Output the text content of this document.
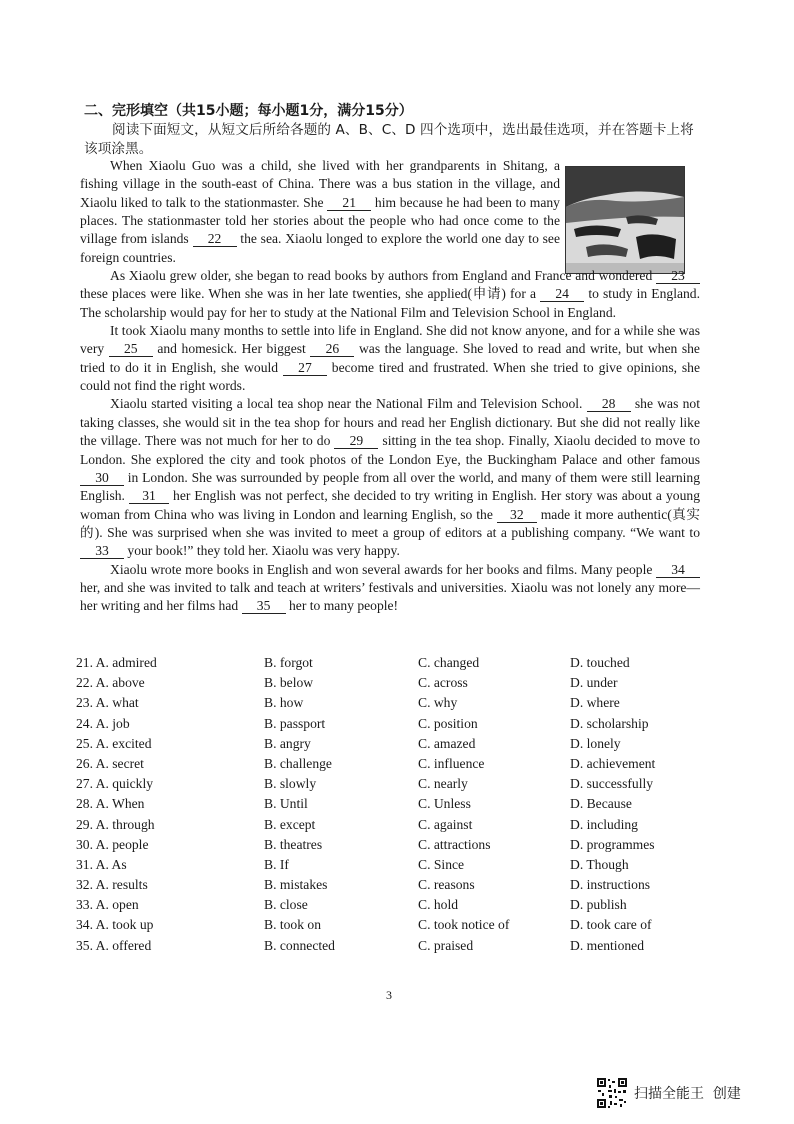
二、完形填空（共15小题；每小题1分，满分15分）
阅读下面短文，从短文后所给各题的 A、B、C、D 四个选项中，选出最佳选项，并在答题卡上将该项涂黑。

When Xiaolu Guo was a child, she lived with her grandparents in Shitang, a fishing village in the south-east of China. There was a bus station in the village, and Xiaolu liked to talk to the stationmaster. She 21 him because he had been to many places. The stationmaster told her stories about the people who had once come to the village from islands 22 the sea. Xiaolu longed to explore the world one day to see foreign countries.

As Xiaolu grew older, she began to read books by authors from England and France and wondered 23 these places were like. When she was in her late twenties, she applied(申请) for a 24 to study in England. The scholarship would pay for her to study at the National Film and Television School in England.

It took Xiaolu many months to settle into life in England. She did not know anyone, and for a while she was very 25 and homesick. Her biggest 26 was the language. She loved to read and write, but when she tried to do it in English, she would 27 become tired and frustrated. When she tried to give opinions, she could not find the right words.

Xiaolu started visiting a local tea shop near the National Film and Television School. 28 she was not taking classes, she would sit in the tea shop for hours and read her English dictionary. But she did not really like the village. There was not much for her to do 29 sitting in the tea shop. Finally, Xiaolu decided to move to London. She explored the city and took photos of the London Eye, the Buckingham Palace and other famous 30 in London. She was surrounded by people from all over the world, and many of them were still learning English. 31 her English was not perfect, she decided to try writing in English. Her story was about a young woman from China who was living in London and learning English, so the 32 made it more authentic(真实的). She was surprised when she was invited to meet a group of editors at a publishing company. “We want to 33 your book!” they told her. Xiaolu was very happy.

Xiaolu wrote more books in English and won several awards for her books and films. Many people 34 her, and she was invited to talk and teach at writers’ festivals and universities. Xiaolu was not lonely any more—her writing and her films had 35 her to many people!

21. A. admired	B. forgot	C. changed	D. touched
22. A. above	B. below	C. across	D. under
23. A. what	B. how	C. why	D. where
24. A. job	B. passport	C. position	D. scholarship
25. A. excited	B. angry	C. amazed	D. lonely
26. A. secret	B. challenge	C. influence	D. achievement
27. A. quickly	B. slowly	C. nearly	D. successfully
28. A. When	B. Until	C. Unless	D. Because
29. A. through	B. except	C. against	D. including
30. A. people	B. theatres	C. attractions	D. programmes
31. A. As	B. If	C. Since	D. Though
32. A. results	B. mistakes	C. reasons	D. instructions
33. A. open	B. close	C. hold	D. publish
34. A. took up	B. took on	C. took notice of	D. took care of
35. A. offered	B. connected	C. praised	D. mentioned
3
扫描全能王  创建
